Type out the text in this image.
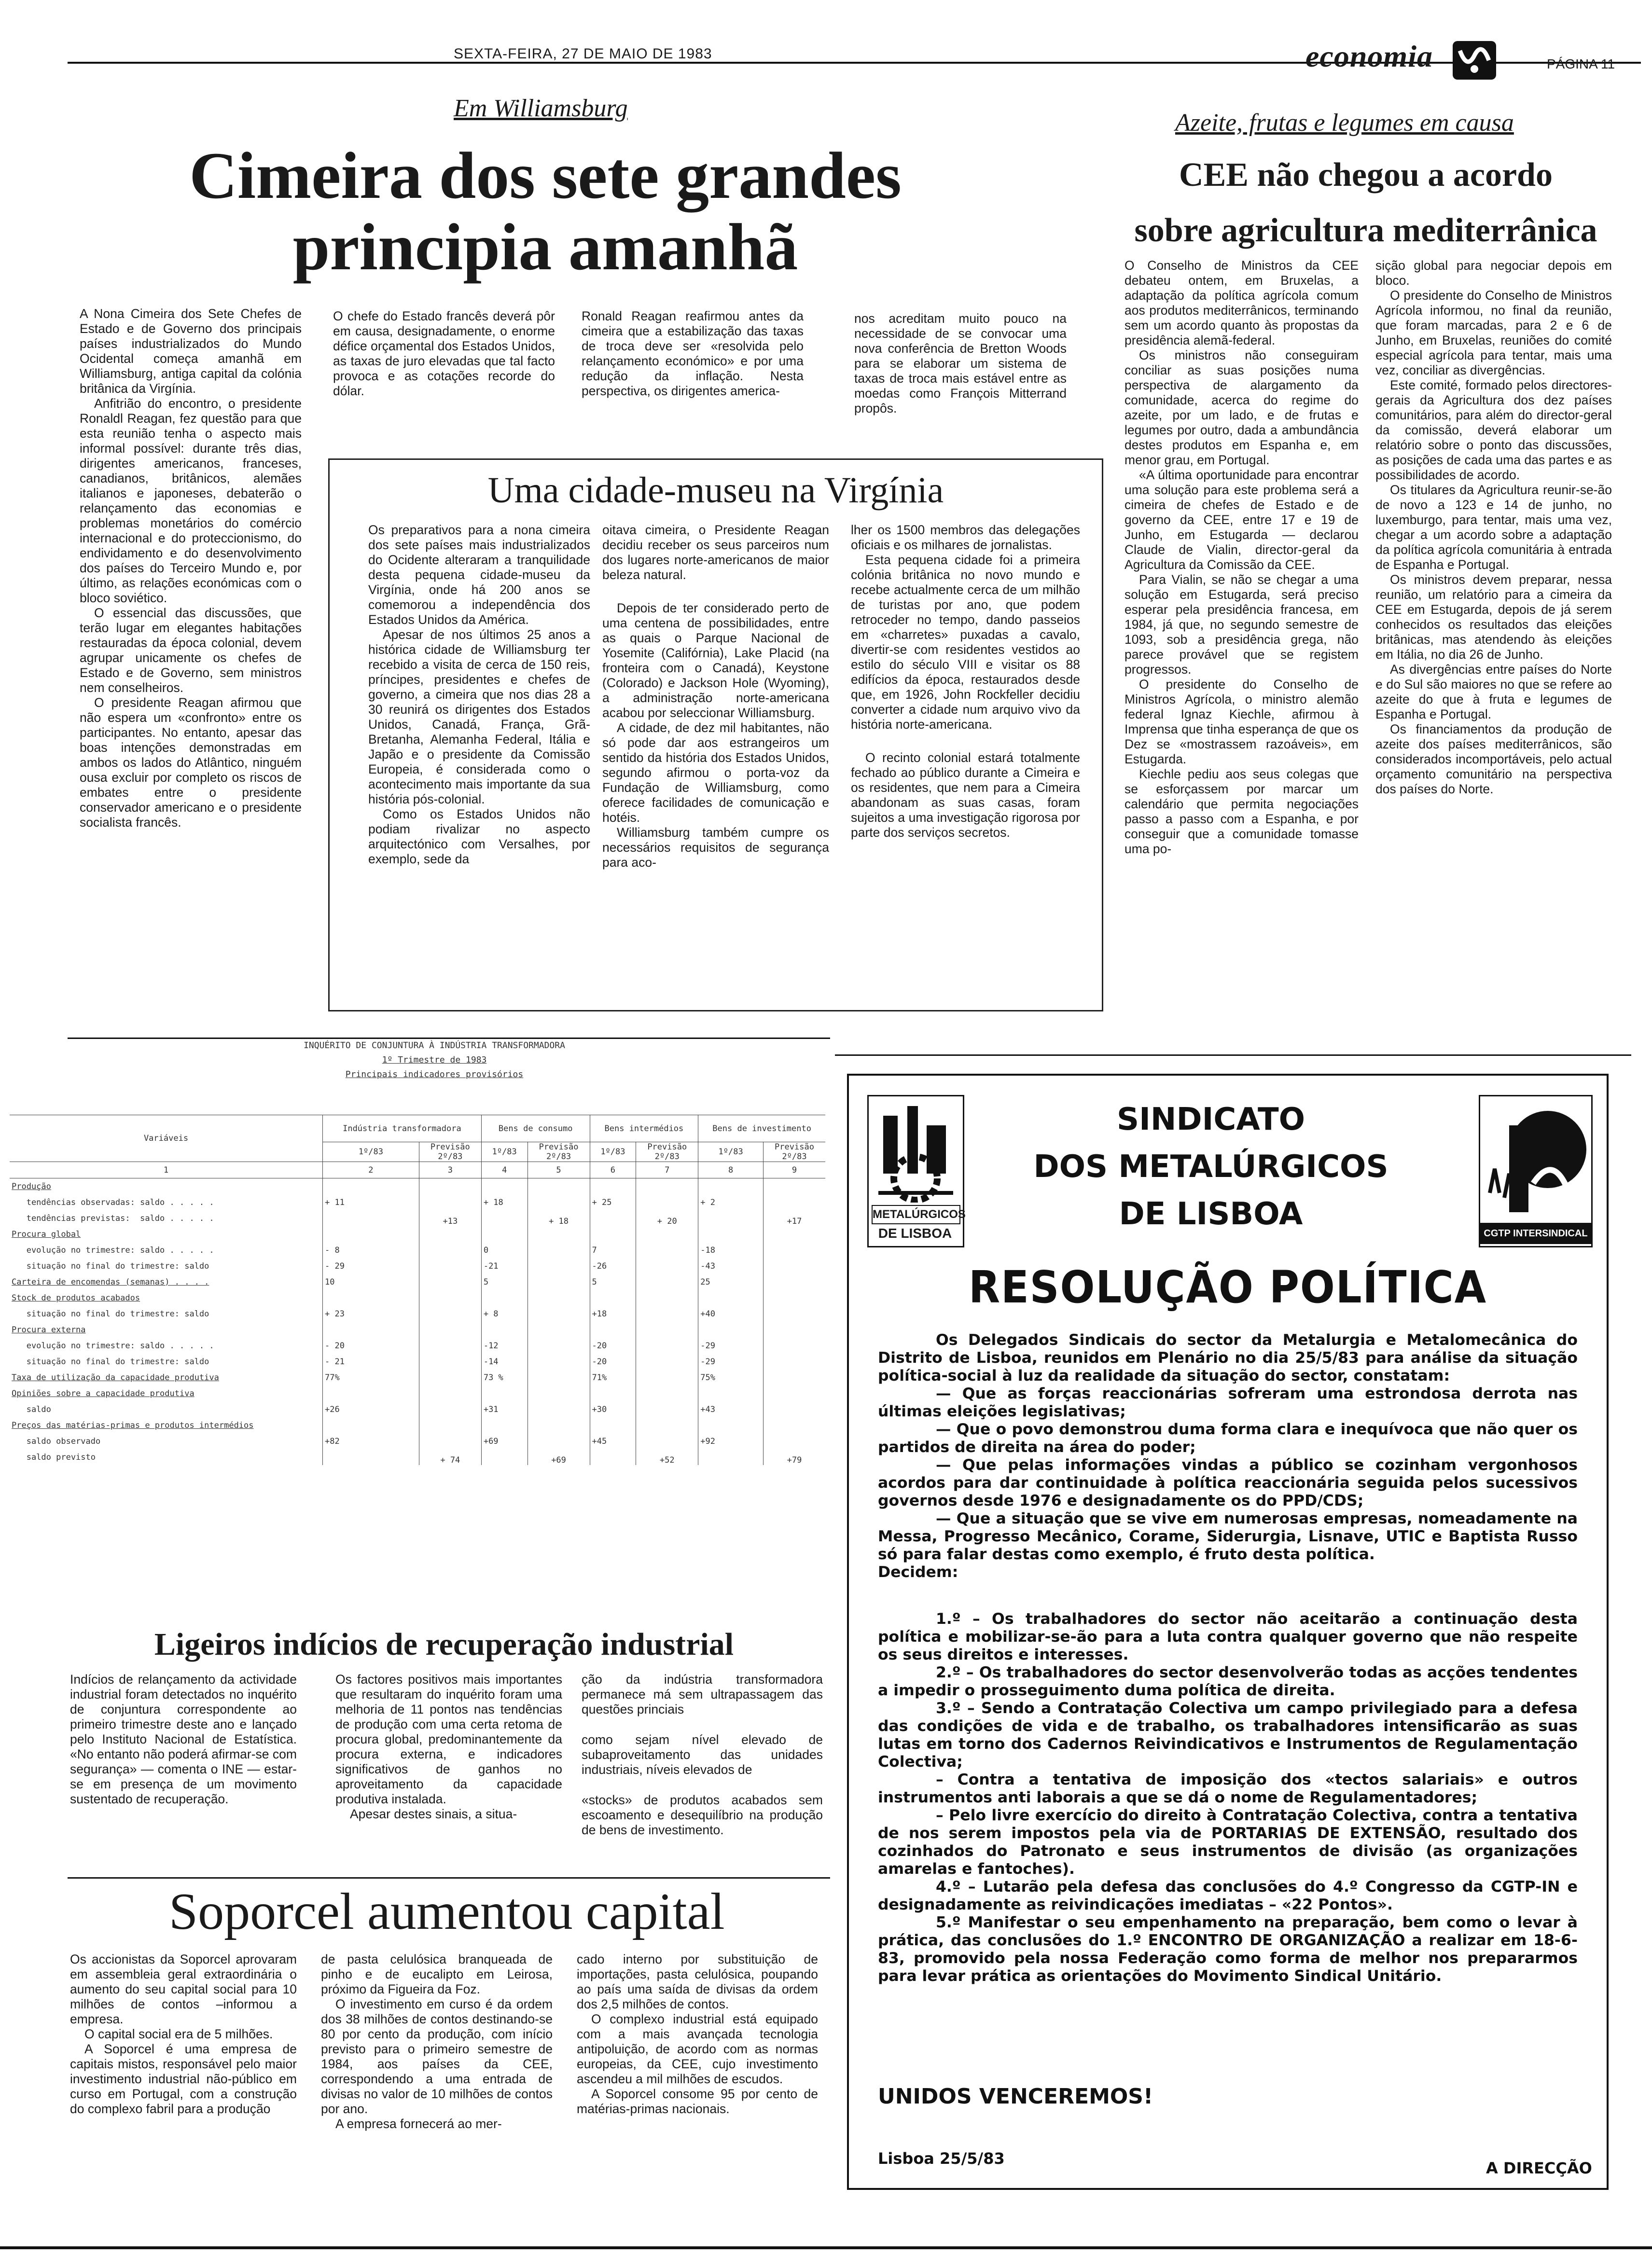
SEXTA-FEIRA, 27 DE MAIO DE 1983	economia	PÁGINA 11
Em Williamsburg
Cimeira dos sete grandes
principia amanhã

A Nona Cimeira dos Sete Chefes de Estado e de Governo dos principais países industrializados do Mundo Ocidental começa amanhã em Williamsburg, antiga capital da colónia britânica da Virgínia.

Anfitrião do encontro, o presidente Ronaldl Reagan, fez questão para que esta reunião tenha o aspecto mais informal possível: durante três dias, dirigentes americanos, franceses, canadianos, britânicos, alemães italianos e japoneses, debaterão o relançamento das economias e problemas monetários do comércio internacional e do proteccionismo, do endividamento e do desenvolvimento dos países do Terceiro Mundo e, por último, as relações económicas com o bloco soviético.

O essencial das discussões, que terão lugar em elegantes habitações restauradas da época colonial, devem agrupar unicamente os chefes de Estado e de Governo, sem ministros nem conselheiros.

O presidente Reagan afirmou que não espera um «confronto» entre os participantes. No entanto, apesar das boas intenções demonstradas em ambos os lados do Atlântico, ninguém ousa excluir por completo os riscos de embates entre o presidente conservador americano e o presidente socialista francês.

O chefe do Estado francês deverá pôr em causa, designadamente, o enorme défice orçamental dos Estados Unidos, as taxas de juro elevadas que tal facto provoca e as cotações recorde do dólar.

Ronald Reagan reafirmou antes da cimeira que a estabilização das taxas de troca deve ser «resolvida pelo relançamento económico» e por uma redução da inflação. Nesta perspectiva, os dirigentes america-

nos acreditam muito pouco na necessidade de se convocar uma nova conferência de Bretton Woods para se elaborar um sistema de taxas de troca mais estável entre as moedas como François Mitterrand propôs.

Uma cidade-museu na Virgínia

Os preparativos para a nona cimeira dos sete países mais industrializados do Ocidente alteraram a tranquilidade desta pequena cidade-museu da Virgínia, onde há 200 anos se comemorou a independência dos Estados Unidos da América.

Apesar de nos últimos 25 anos a histórica cidade de Williamsburg ter recebido a visita de cerca de 150 reis, príncipes, presidentes e chefes de governo, a cimeira que nos dias 28 a 30 reunirá os dirigentes dos Estados Unidos, Canadá, França, Grã-Bretanha, Alemanha Federal, Itália e Japão e o presidente da Comissão Europeia, é considerada como o acontecimento mais importante da sua história pós-colonial.

Como os Estados Unidos não podiam rivalizar no aspecto arquitectónico com Versalhes, por exemplo, sede da

oitava cimeira, o Presidente Reagan decidiu receber os seus parceiros num dos lugares norte-americanos de maior beleza natural.

Depois de ter considerado perto de uma centena de possibilidades, entre as quais o Parque Nacional de Yosemite (Califórnia), Lake Placid (na fronteira com o Canadá), Keystone (Colorado) e Jackson Hole (Wyoming), a administração norte-americana acabou por seleccionar Williamsburg.

A cidade, de dez mil habitantes, não só pode dar aos estrangeiros um sentido da história dos Estados Unidos, segundo afirmou o porta-voz da Fundação de Williamsburg, como oferece facilidades de comunicação e hotéis.

Williamsburg também cumpre os necessários requisitos de segurança para aco-

lher os 1500 membros das delegações oficiais e os milhares de jornalistas.

Esta pequena cidade foi a primeira colónia britânica no novo mundo e recebe actualmente cerca de um milhão de turistas por ano, que podem retroceder no tempo, dando passeios em «charretes» puxadas a cavalo, divertir-se com residentes vestidos ao estilo do século VIII e visitar os 88 edifícios da época, restaurados desde que, em 1926, John Rockfeller decidiu converter a cidade num arquivo vivo da história norte-americana.

O recinto colonial estará totalmente fechado ao público durante a Cimeira e os residentes, que nem para a Cimeira abandonam as suas casas, foram sujeitos a uma investigação rigorosa por parte dos serviços secretos.

Azeite, frutas e legumes em causa
CEE não chegou a acordo
sobre agricultura mediterrânica

O Conselho de Ministros da CEE debateu ontem, em Bruxelas, a adaptação da política agrícola comum aos produtos mediterrânicos, terminando sem um acordo quanto às propostas da presidência alemã-federal.

Os ministros não conseguiram conciliar as suas posições numa perspectiva de alargamento da comunidade, acerca do regime do azeite, por um lado, e de frutas e legumes por outro, dada a ambundância destes produtos em Espanha e, em menor grau, em Portugal.

«A última oportunidade para encontrar uma solução para este problema será a cimeira de chefes de Estado e de governo da CEE, entre 17 e 19 de Junho, em Estugarda — declarou Claude de Vialin, director-geral da Agricultura da Comissão da CEE.

Para Vialin, se não se chegar a uma solução em Estugarda, será preciso esperar pela presidência francesa, em 1984, já que, no segundo semestre de 1093, sob a presidência grega, não parece provável que se registem progressos.

O presidente do Conselho de Ministros Agrícola, o ministro alemão federal Ignaz Kiechle, afirmou à Imprensa que tinha esperança de que os Dez se «mostrassem razoáveis», em Estugarda.

Kiechle pediu aos seus colegas que se esforçassem por marcar um calendário que permita negociações passo a passo com a Espanha, e por conseguir que a comunidade tomasse uma po-

sição global para negociar depois em bloco.

O presidente do Conselho de Ministros Agrícola informou, no final da reunião, que foram marcadas, para 2 e 6 de Junho, em Bruxelas, reuniões do comité especial agrícola para tentar, mais uma vez, conciliar as divergências.

Este comité, formado pelos directores-gerais da Agricultura dos dez países comunitários, para além do director-geral da comissão, deverá elaborar um relatório sobre o ponto das discussões, as posições de cada uma das partes e as possibilidades de acordo.

Os titulares da Agricultura reunir-se-ão de novo a 123 e 14 de junho, no luxemburgo, para tentar, mais uma vez, chegar a um acordo sobre a adaptação da política agrícola comunitária à entrada de Espanha e Portugal.

Os ministros devem preparar, nessa reunião, um relatório para a cimeira da CEE em Estugarda, depois de já serem conhecidos os resultados das eleições britânicas, mas atendendo às eleições em Itália, no dia 26 de Junho.

As divergências entre países do Norte e do Sul são maiores no que se refere ao azeite do que à fruta e legumes de Espanha e Portugal.

Os financiamentos da produção de azeite dos países mediterrânicos, são considerados incomportáveis, pelo actual orçamento comunitário na perspectiva dos países do Norte.

INQUÉRITO DE CONJUNTURA À INDÚSTRIA TRANSFORMADORA
1º Trimestre de 1983
Principais indicadores provisórios
Variáveis	Indústria transformadora		Bens de consumo		Bens intermédios		Bens de investimento	
	1º/83	Previsão 2º/83	1º/83	Previsão 2º/83	1º/83	Previsão 2º/83	1º/83	Previsão 2º/83
1	2	3	4	5	6	7	8	9
Produção								
tendências observadas: saldo . . . . .	+ 11		+ 18		+ 25		+ 2	
tendências previstas:  saldo . . . . .		+13		+ 18		+ 20		+17
Procura global								
evolução no trimestre: saldo . . . . .	- 8		0		7		-18	
situação no final do trimestre: saldo	- 29		-21		-26		-43	
Carteira de encomendas (semanas) . . . .	10		5		5		25	
Stock de produtos acabados								
situação no final do trimestre: saldo	+ 23		+ 8		+18		+40	
Procura externa								
evolução no trimestre: saldo . . . . .	- 20		-12		-20		-29	
situação no final do trimestre: saldo	- 21		-14		-20		-29	
Taxa de utilização da capacidade produtiva	77%		73 %		71%		75%	
Opiniões sobre a capacidade produtiva								
saldo	+26		+31		+30		+43	
Preços das matérias-primas e produtos intermédios								
saldo observado	+82		+69		+45		+92	
saldo previsto		+ 74		+69		+52		+79
Ligeiros indícios de recuperação industrial

Indícios de relançamento da actividade industrial foram detectados no inquérito de conjuntura correspondente ao primeiro trimestre deste ano e lançado pelo Instituto Nacional de Estatística. «No entanto não poderá afirmar-se com segurança» — comenta o INE — estar-se em presença de um movimento sustentado de recuperação.

Os factores positivos mais importantes que resultaram do inquérito foram uma melhoria de 11 pontos nas tendências de produção com uma certa retoma de procura global, predominantemente da procura externa, e indicadores significativos de ganhos no aproveitamento da capacidade produtiva instalada.

Apesar destes sinais, a situa-

ção da indústria transformadora permanece má sem ultrapassagem das questões princiais

como sejam nível elevado de subaproveitamento das unidades industriais, níveis elevados de

«stocks» de produtos acabados sem escoamento e desequilíbrio na produção de bens de investimento.

Soporcel aumentou capital

Os accionistas da Soporcel aprovaram em assembleia geral extraordinária o aumento do seu capital social para 10 milhões de contos –informou a empresa.

O capital social era de 5 milhões.

A Soporcel é uma empresa de capitais mistos, responsável pelo maior investimento industrial não-público em curso em Portugal, com a construção do complexo fabril para a produção

de pasta celulósica branqueada de pinho e de eucalipto em Leirosa, próximo da Figueira da Foz.

O investimento em curso é da ordem dos 38 milhões de contos destinando-se 80 por cento da produção, com início previsto para o primeiro semestre de 1984, aos países da CEE, correspondendo a uma entrada de divisas no valor de 10 milhões de contos por ano.

A empresa fornecerá ao mer-

cado interno por substituição de importações, pasta celulósica, poupando ao país uma saída de divisas da ordem dos 2,5 milhões de contos.

O complexo industrial está equipado com a mais avançada tecnologia antipoluição, de acordo com as normas europeias, da CEE, cujo investimento ascendeu a mil milhões de escudos.

A Soporcel consome 95 por cento de matérias-primas nacionais.

METALÚRGICOS
DE LISBOA
SINDICATO
DOS METALÚRGICOS
DE LISBOA
CGTP INTERSINDICAL
RESOLUÇÃO POLÍTICA

Os Delegados Sindicais do sector da Metalurgia e Metalomecânica do Distrito de Lisboa, reunidos em Plenário no dia 25/5/83 para análise da situação política-social à luz da realidade da situação do sector, constatam:

— Que as forças reaccionárias sofreram uma estrondosa derrota nas últimas eleições legislativas;

— Que o povo demonstrou duma forma clara e inequívoca que não quer os partidos de direita na área do poder;

— Que pelas informações vindas a público se cozinham vergonhosos acordos para dar continuidade à política reaccionária seguida pelos sucessivos governos desde 1976 e designadamente os do PPD/CDS;

— Que a situação que se vive em numerosas empresas, nomeadamente na Messa, Progresso Mecânico, Corame, Siderurgia, Lisnave, UTIC e Baptista Russo só para falar destas como exemplo, é fruto desta política.

Decidem:

1.º – Os trabalhadores do sector não aceitarão a continuação desta política e mobilizar-se-ão para a luta contra qualquer governo que não respeite os seus direitos e interesses.

2.º – Os trabalhadores do sector desenvolverão todas as acções tendentes a impedir o prosseguimento duma política de direita.

3.º – Sendo a Contratação Colectiva um campo privilegiado para a defesa das condições de vida e de trabalho, os trabalhadores intensificarão as suas lutas em torno dos Cadernos Reivindicativos e Instrumentos de Regulamentação Colectiva;

– Contra a tentativa de imposição dos «tectos salariais» e outros instrumentos anti laborais a que se dá o nome de Regulamentadores;

– Pelo livre exercício do direito à Contratação Colectiva, contra a tentativa de nos serem impostos pela via de PORTARIAS DE EXTENSÃO, resultado dos cozinhados do Patronato e seus instrumentos de divisão (as organizações amarelas e fantoches).

4.º – Lutarão pela defesa das conclusões do 4.º Congresso da CGTP-IN e designadamente as reivindicações imediatas – «22 Pontos».

5.º Manifestar o seu empenhamento na preparação, bem como o levar à prática, das conclusões do 1.º ENCONTRO DE ORGANIZAÇÃO a realizar em 18-6-83, promovido pela nossa Federação como forma de melhor nos prepararmos para levar prática as orientações do Movimento Sindical Unitário.

UNIDOS VENCEREMOS!
Lisboa 25/5/83
A DIRECÇÃO
